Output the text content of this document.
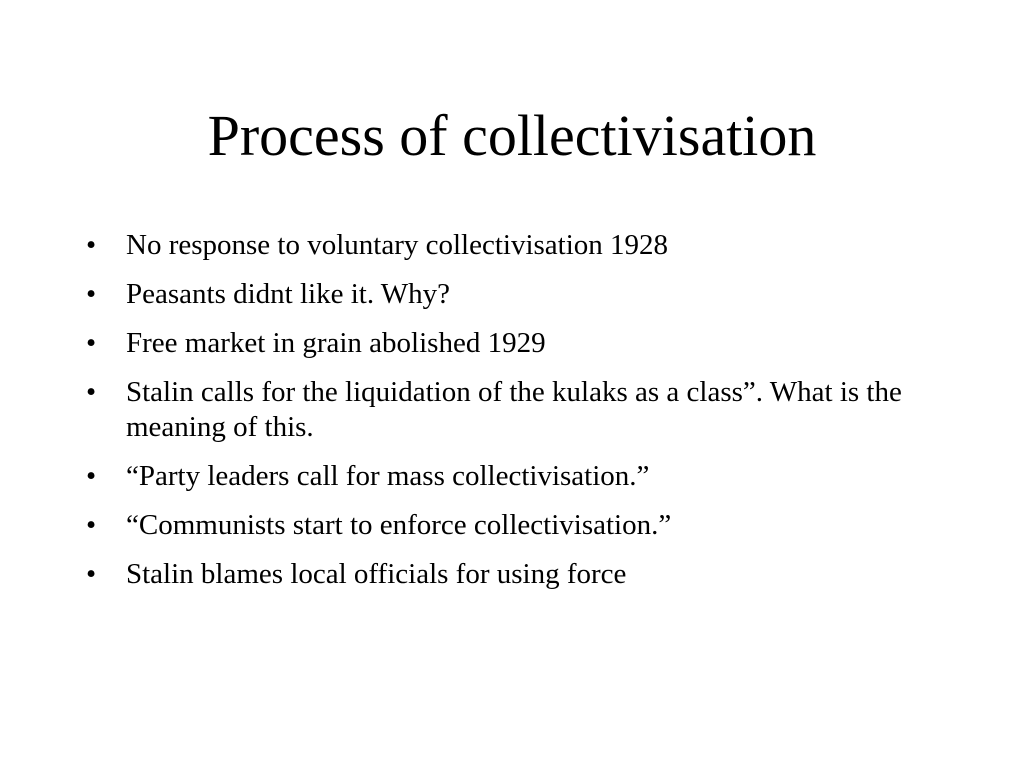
Process of collectivisation
•	No response to voluntary collectivisation 1928
•	Peasants didnt like it. Why?
•	Free market in grain abolished 1929
•	Stalin calls for the liquidation of the kulaks as a class”. What is the meaning of this.
•	“Party leaders call for mass collectivisation.”
•	“Communists start to enforce collectivisation.”
•	Stalin blames local officials for using force
